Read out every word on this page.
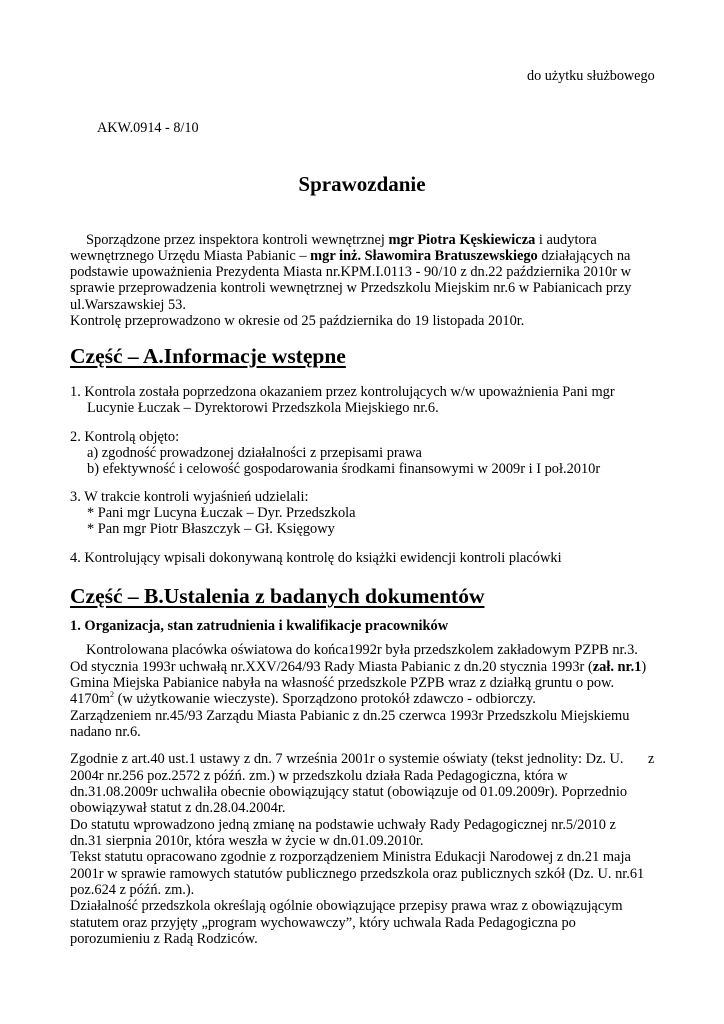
do użytku służbowego
AKW.0914 - 8/10
Sprawozdanie
Sporządzone przez inspektora kontroli wewnętrznej mgr Piotra Kęskiewicza i audytora
wewnętrznego Urzędu Miasta Pabianic – mgr inż. Sławomira Bratuszewskiego działających na
podstawie upoważnienia Prezydenta Miasta nr.KPM.I.0113 - 90/10 z dn.22 października 2010r w
sprawie przeprowadzenia kontroli wewnętrznej w Przedszkolu Miejskim nr.6 w Pabianicach przy
ul.Warszawskiej 53.
Kontrolę przeprowadzono w okresie od 25 października do 19 listopada 2010r.
Część – A.Informacje wstępne
1. Kontrola została poprzedzona okazaniem przez kontrolujących w/w upoważnienia Pani mgr
Lucynie Łuczak – Dyrektorowi Przedszkola Miejskiego nr.6.
2. Kontrolą objęto:
a) zgodność prowadzonej działalności z przepisami prawa
b) efektywność i celowość gospodarowania środkami finansowymi w 2009r i I poł.2010r
3. W trakcie kontroli wyjaśnień udzielali:
* Pani mgr Lucyna Łuczak – Dyr. Przedszkola
* Pan mgr Piotr Błaszczyk – Gł. Księgowy
4. Kontrolujący wpisali dokonywaną kontrolę do książki ewidencji kontroli placówki
Część – B.Ustalenia z badanych dokumentów
1. Organizacja, stan zatrudnienia i kwalifikacje pracowników
Kontrolowana placówka oświatowa do końca1992r była przedszkolem zakładowym PZPB nr.3.
Od stycznia 1993r uchwałą nr.XXV/264/93 Rady Miasta Pabianic z dn.20 stycznia 1993r (zał. nr.1)
Gmina Miejska Pabianice nabyła na własność przedszkole PZPB wraz z działką gruntu o pow.
$4170m^2$ (w użytkowanie wieczyste). Sporządzono protokół zdawczo - odbiorczy.
Zarządzeniem nr.45/93 Zarządu Miasta Pabianic z dn.25 czerwca 1993r Przedszkolu Miejskiemu
nadano nr.6.
Zgodnie z art.40 ust.1 ustawy z dn. 7 września 2001r o systemie oświaty (tekst jednolity: Dz. U. z
2004r nr.256 poz.2572 z późń. zm.) w przedszkolu działa Rada Pedagogiczna, która w
dn.31.08.2009r uchwaliła obecnie obowiązujący statut (obowiązuje od 01.09.2009r). Poprzednio
obowiązywał statut z dn.28.04.2004r.
Do statutu wprowadzono jedną zmianę na podstawie uchwały Rady Pedagogicznej nr.5/2010 z
dn.31 sierpnia 2010r, która weszła w życie w dn.01.09.2010r.
Tekst statutu opracowano zgodnie z rozporządzeniem Ministra Edukacji Narodowej z dn.21 maja
2001r w sprawie ramowych statutów publicznego przedszkola oraz publicznych szkół (Dz. U. nr.61
poz.624 z późń. zm.).
Działalność przedszkola określają ogólnie obowiązujące przepisy prawa wraz z obowiązującym
statutem oraz przyjęty „program wychowawczy”, który uchwala Rada Pedagogiczna po
porozumieniu z Radą Rodziców.
